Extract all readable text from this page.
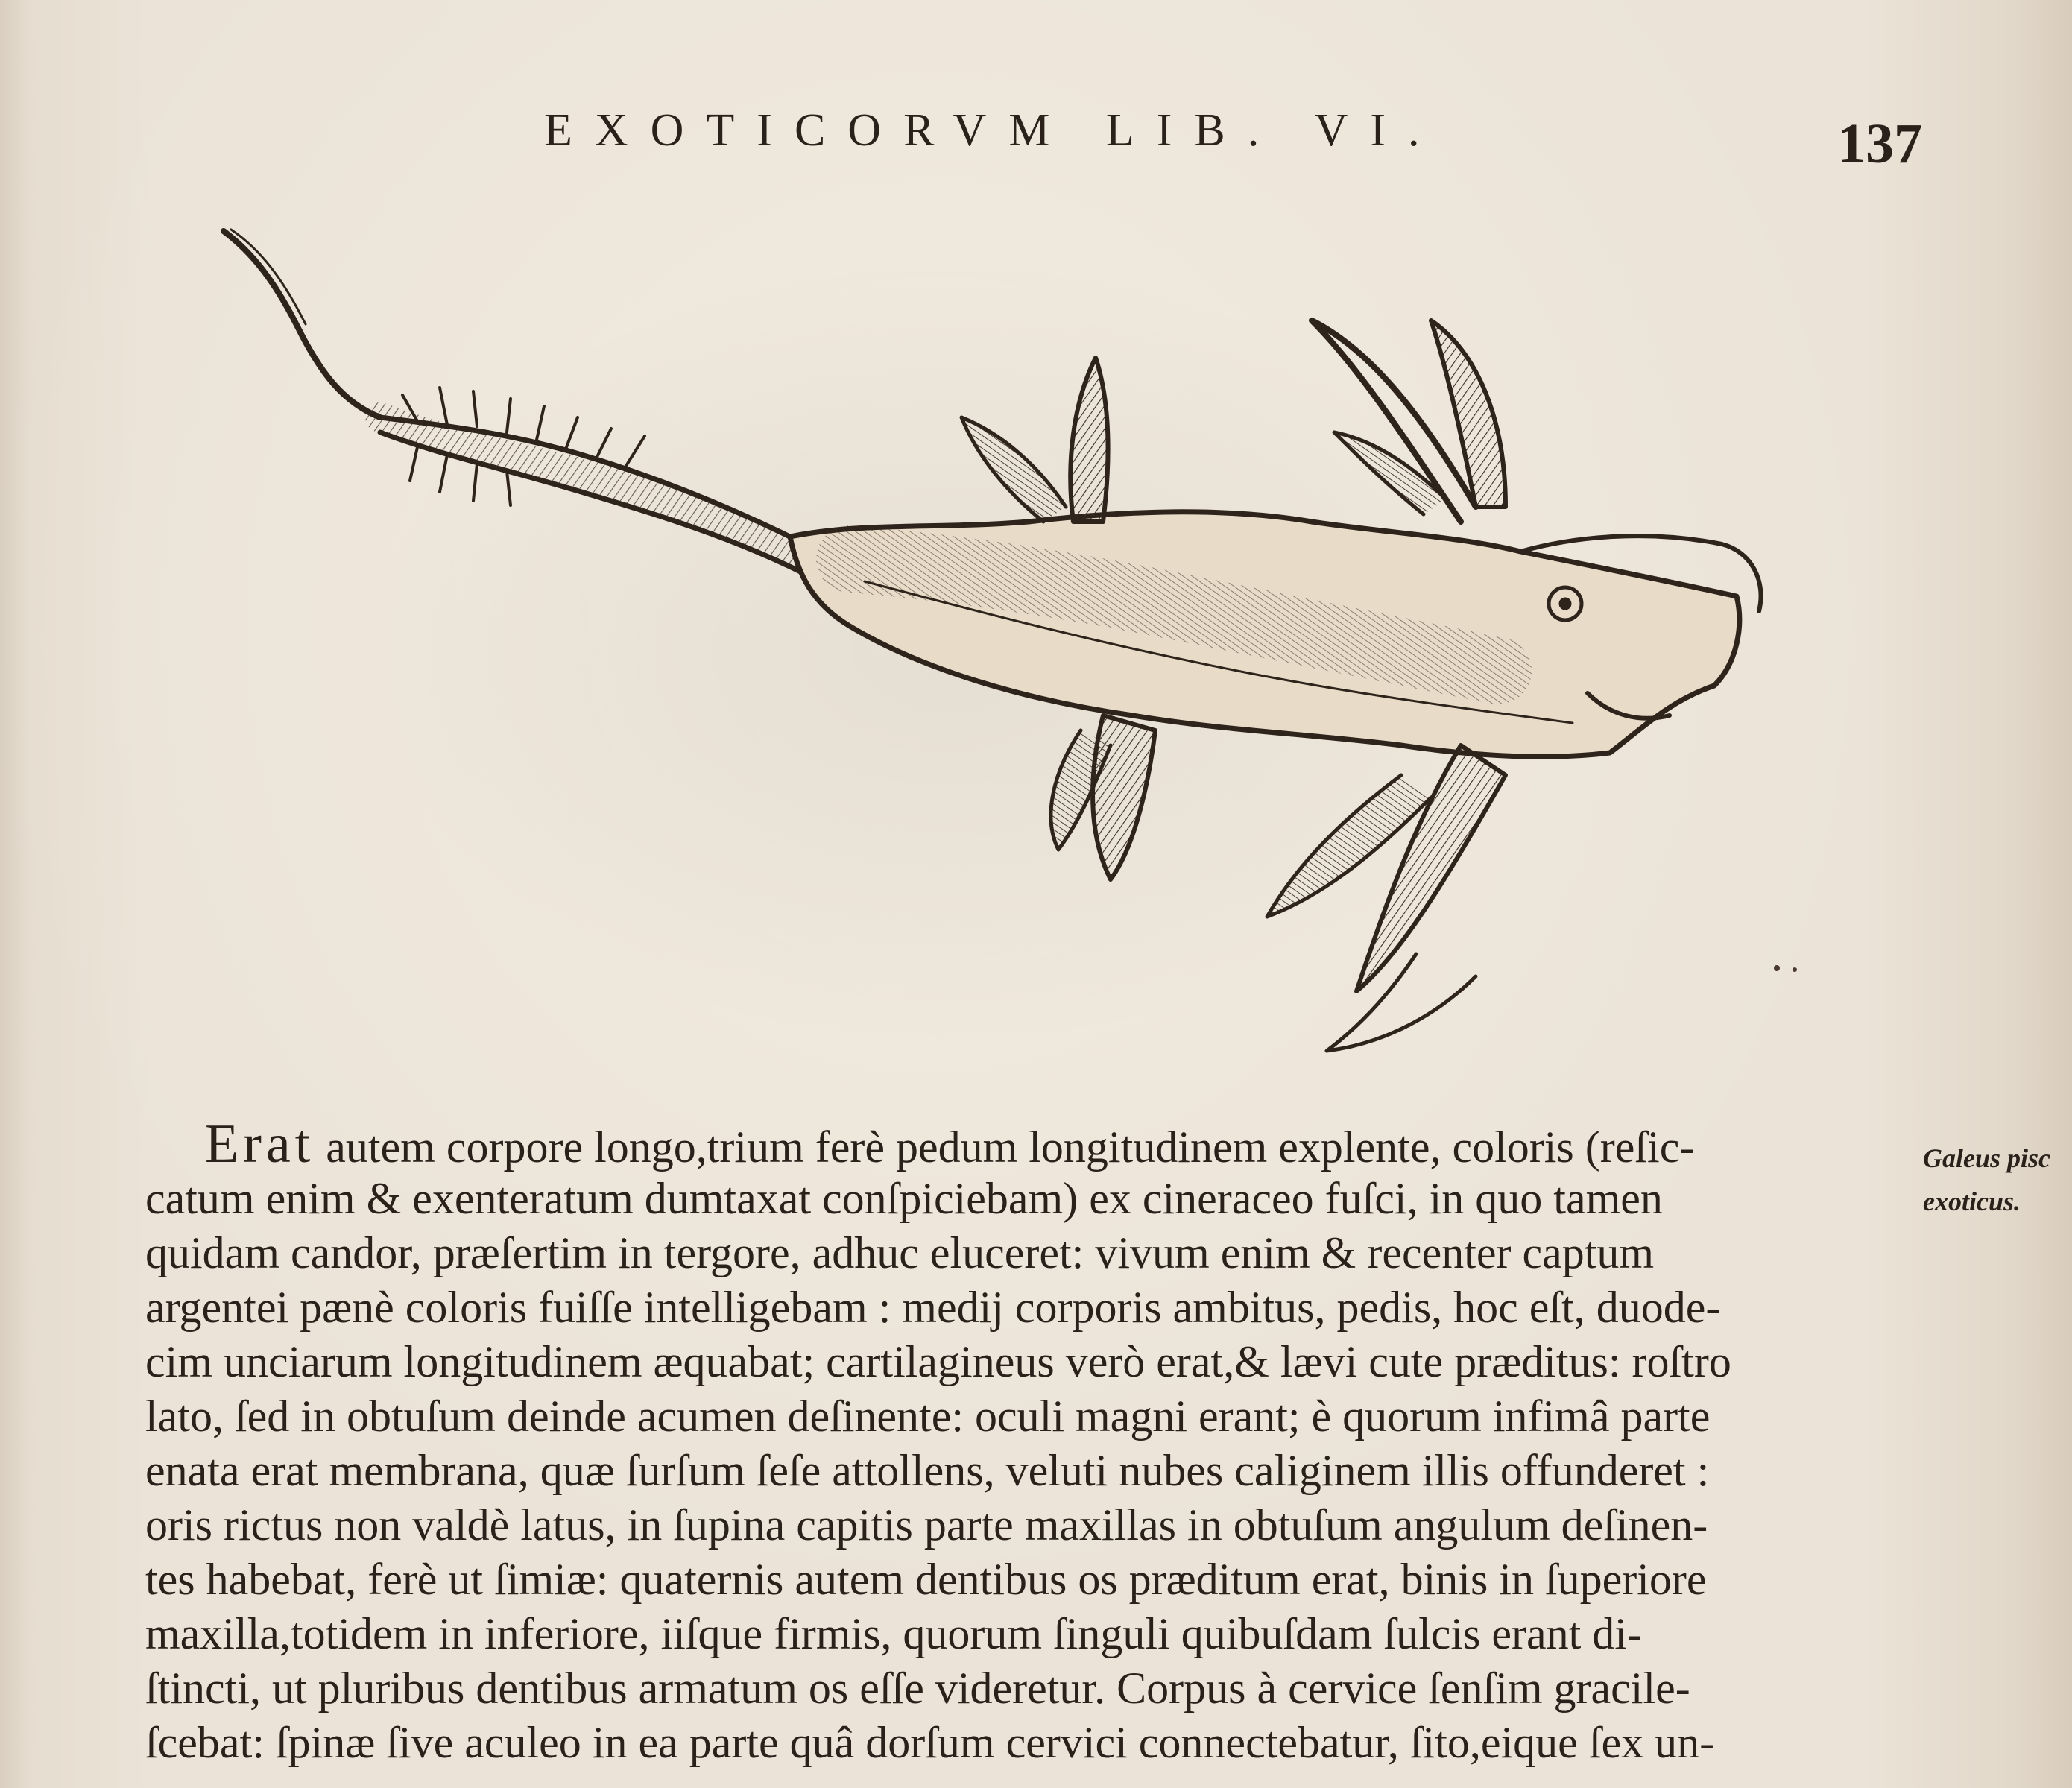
EXOTICORVM LIB. VI.	137
Erat autem corpore longo,trium ferè pedum longitudinem explente, coloris (reſic-
catum enim & exenteratum dumtaxat conſpiciebam) ex cineraceo fuſci, in quo tamen
quidam candor, præſertim in tergore, adhuc eluceret: vivum enim & recenter captum
argentei pænè coloris fuiſſe intelligebam : medij corporis ambitus, pedis, hoc eſt, duode-
cim unciarum longitudinem æquabat; cartilagineus verò erat,& lævi cute præditus: roſtro
lato, ſed in obtuſum deinde acumen deſinente: oculi magni erant; è quorum infimâ parte
enata erat membrana, quæ ſurſum ſeſe attollens, veluti nubes caliginem illis offunderet :
oris rictus non valdè latus, in ſupina capitis parte maxillas in obtuſum angulum deſinen-
tes habebat, ferè ut ſimiæ: quaternis autem dentibus os præditum erat, binis in ſuperiore
maxilla,totidem in inferiore, iiſque firmis, quorum ſinguli quibuſdam ſulcis erant di-
ſtincti, ut pluribus dentibus armatum os eſſe videretur. Corpus à cervice ſenſim gracile-
ſcebat: ſpinæ ſive aculeo in ea parte quâ dorſum cervici connectebatur, ſito,eique ſex un-
Galeus pisc
exoticus.
